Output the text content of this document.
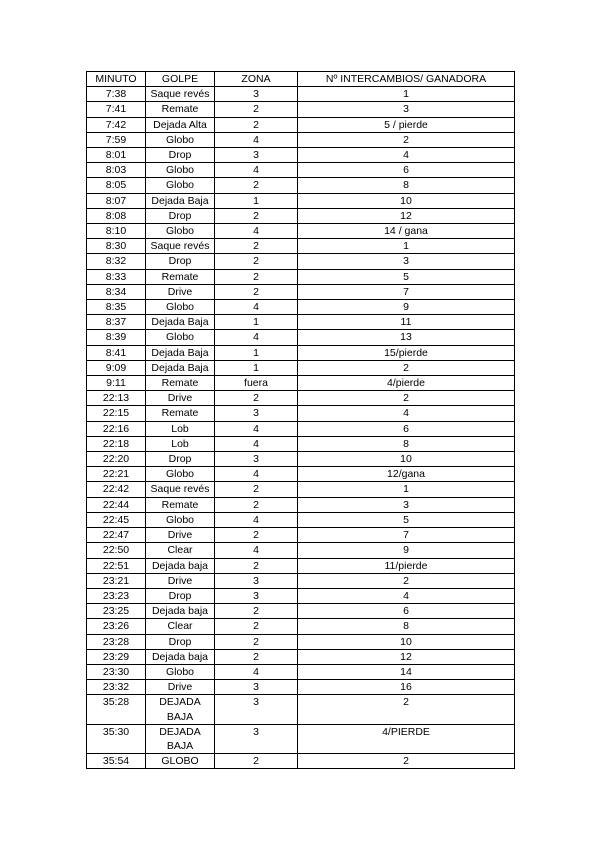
MINUTO	GOLPE	ZONA	Nº INTERCAMBIOS/ GANADORA
7:38	Saque revés	3	1
7:41	Remate	2	3
7:42	Dejada Alta	2	5 / pierde
7:59	Globo	4	2
8:01	Drop	3	4
8:03	Globo	4	6
8:05	Globo	2	8
8:07	Dejada Baja	1	10
8:08	Drop	2	12
8:10	Globo	4	14 / gana
8:30	Saque revés	2	1
8:32	Drop	2	3
8:33	Remate	2	5
8:34	Drive	2	7
8:35	Globo	4	9
8:37	Dejada Baja	1	11
8:39	Globo	4	13
8:41	Dejada Baja	1	15/pierde
9:09	Dejada Baja	1	2
9:11	Remate	fuera	4/pierde
22:13	Drive	2	2
22:15	Remate	3	4
22:16	Lob	4	6
22:18	Lob	4	8
22:20	Drop	3	10
22:21	Globo	4	12/gana
22:42	Saque revés	2	1
22:44	Remate	2	3
22:45	Globo	4	5
22:47	Drive	2	7
22:50	Clear	4	9
22:51	Dejada baja	2	11/pierde
23:21	Drive	3	2
23:23	Drop	3	4
23:25	Dejada baja	2	6
23:26	Clear	2	8
23:28	Drop	2	10
23:29	Dejada baja	2	12
23:30	Globo	4	14
23:32	Drive	3	16
35:28	DEJADA BAJA	3	2
35:30	DEJADA BAJA	3	4/PIERDE
35:54	GLOBO	2	2
